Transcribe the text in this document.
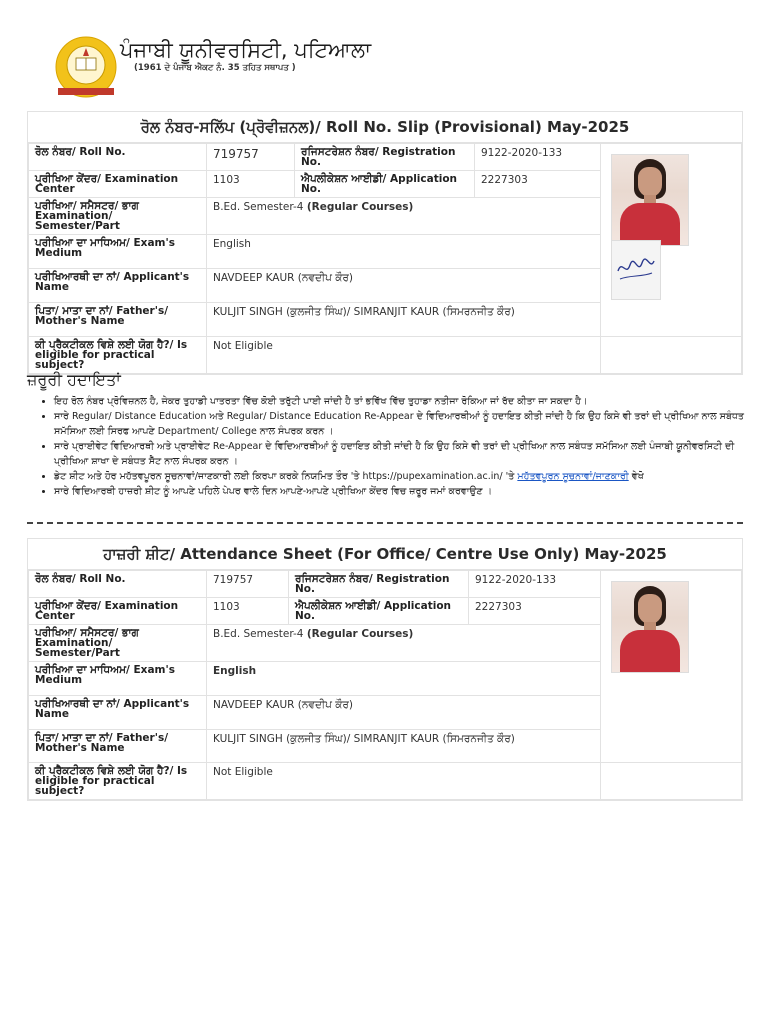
ਪੰਜਾਬੀ ਯੂਨੀਵਰਸਿਟੀ, ਪਟਿਆਲਾ
(1961 ਦੇ ਪੰਜਾਬ ਐਕਟ ਨੰ. 35 ਤਹਿਤ ਸਥਾਪਤ )
ਰੋਲ ਨੰਬਰ-ਸਲਿੱਪ (ਪ੍ਰੋਵੀਜ਼ਨਲ)/ Roll No. Slip (Provisional) May-2025
ਰੋਲ ਨੰਬਰ/ Roll No.	719757	ਰਜਿਸਟਰੇਸ਼ਨ ਨੰਬਰ/ Registration No.	9122-2020-133	

ਪ੍ਰੀਖਿਆ ਕੇਂਦਰ/ Examination Center	1103	ਐਪਲੀਕੇਸ਼ਨ ਆਈਡੀ/ Application No.	2227303	
ਪਰੀਖਿਆ/ ਸਮੈਸਟਰ/ ਭਾਗ Examination/ Semester/Part	B.Ed. Semester-4 (Regular Courses)			
ਪਰੀਖਿਆ ਦਾ ਮਾਧਿਅਮ/ Exam's Medium	English			
ਪਰੀਖਿਆਰਥੀ ਦਾ ਨਾਂ/ Applicant's Name	NAVDEEP KAUR (ਨਵਦੀਪ ਕੌਰ)			
ਪਿਤਾ/ ਮਾਤਾ ਦਾ ਨਾਂ/ Father's/ Mother's Name	KULJIT SINGH (ਕੁਲਜੀਤ ਸਿੰਘ)/ SIMRANJIT KAUR (ਸਿਮਰਨਜੀਤ ਕੌਰ)			
ਕੀ ਪ੍ਰੈਕਟੀਕਲ ਵਿਸ਼ੇ ਲਈ ਯੋਗ ਹੈ?/ Is eligible for practical subject?	Not Eligible			
ਜ਼ਰੂਰੀ ਹਦਾਇਤਾਂ
• ਇਹ ਰੋਲ ਨੰਬਰ ਪ੍ਰੋਵਿਜ਼ਨਲ ਹੈ, ਜੇਕਰ ਤੁਹਾਡੀ ਪਾਤਰਤਾ ਵਿੱਚ ਕੋਈ ਤਰੁੱਟੀ ਪਾਈ ਜਾਂਦੀ ਹੈ ਤਾਂ ਭਵਿੱਖ ਵਿੱਚ ਤੁਹਾਡਾ ਨਤੀਜਾ ਰੋਕਿਆ ਜਾਂ ਰੱਦ ਕੀਤਾ ਜਾ ਸਕਦਾ ਹੈ।
• ਸਾਰੇ Regular/ Distance Education ਅਤੇ Regular/ Distance Education Re-Appear ਦੇ ਵਿਦਿਆਰਥੀਆਂ ਨੂੰ ਹਦਾਇਤ ਕੀਤੀ ਜਾਂਦੀ ਹੈ ਕਿ ਉਹ ਕਿਸੇ ਵੀ ਤਰਾਂ ਦੀ ਪ੍ਰੀਖਿਆ ਨਾਲ ਸਬੰਧਤ ਸਮੱਸਿਆ ਲਈ ਸਿਰਫ ਆਪਣੇ Department/ College ਨਾਲ ਸੰਪਰਕ ਕਰਨ ।
• ਸਾਰੇ ਪ੍ਰਾਈਵੇਟ ਵਿਦਿਆਰਥੀ ਅਤੇ ਪ੍ਰਾਈਵੇਟ Re-Appear ਦੇ ਵਿਦਿਆਰਥੀਆਂ ਨੂੰ ਹਦਾਇਤ ਕੀਤੀ ਜਾਂਦੀ ਹੈ ਕਿ ਉਹ ਕਿਸੇ ਵੀ ਤਰਾਂ ਦੀ ਪ੍ਰੀਖਿਆ ਨਾਲ ਸਬੰਧਤ ਸਮੱਸਿਆ ਲਈ ਪੰਜਾਬੀ ਯੂਨੀਵਰਸਿਟੀ ਦੀ ਪ੍ਰੀਖਿਆ ਸ਼ਾਖਾ ਦੇ ਸਬੰਧਤ ਸੈੱਟ ਨਾਲ ਸੰਪਰਕ ਕਰਨ ।
• ਡੇਟ ਸ਼ੀਟ ਅਤੇ ਹੋਰ ਮਹੱਤਵਪੂਰਨ ਸੂਚਨਾਵਾਂ/ਜਾਣਕਾਰੀ ਲਈ ਕਿਰਪਾ ਕਰਕੇ ਨਿਯਮਿਤ ਤੌਰ 'ਤੇ https://pupexamination.ac.in/ 'ਤੇ ਮਹੱਤਵਪੂਰਨ ਸੂਚਨਾਵਾਂ/ਜਾਣਕਾਰੀ ਵੇਖੋ
• ਸਾਰੇ ਵਿਦਿਆਰਥੀ ਹਾਜ਼ਰੀ ਸ਼ੀਟ ਨੂੰ ਆਪਣੇ ਪਹਿਲੇ ਪੇਪਰ ਵਾਲੇ ਦਿਨ ਆਪਣੇ-ਆਪਣੇ ਪ੍ਰੀਖਿਆ ਕੇਂਦਰ ਵਿਚ ਜ਼ਰੂਰ ਜਮਾਂ ਕਰਵਾਉਣ ।
ਹਾਜ਼ਰੀ ਸ਼ੀਟ/ Attendance Sheet (For Office/ Centre Use Only) May-2025
ਰੋਲ ਨੰਬਰ/ Roll No.	719757	ਰਜਿਸਟਰੇਸ਼ਨ ਨੰਬਰ/ Registration No.	9122-2020-133	

ਪ੍ਰੀਖਿਆ ਕੇਂਦਰ/ Examination Center	1103	ਐਪਲੀਕੇਸ਼ਨ ਆਈਡੀ/ Application No.	2227303	
ਪਰੀਖਿਆ/ ਸਮੈਸਟਰ/ ਭਾਗ Examination/ Semester/Part	B.Ed. Semester-4 (Regular Courses)			
ਪਰੀਖਿਆ ਦਾ ਮਾਧਿਅਮ/ Exam's Medium	English			
ਪਰੀਖਿਆਰਥੀ ਦਾ ਨਾਂ/ Applicant's Name	NAVDEEP KAUR (ਨਵਦੀਪ ਕੌਰ)			
ਪਿਤਾ/ ਮਾਤਾ ਦਾ ਨਾਂ/ Father's/ Mother's Name	KULJIT SINGH (ਕੁਲਜੀਤ ਸਿੰਘ)/ SIMRANJIT KAUR (ਸਿਮਰਨਜੀਤ ਕੌਰ)			
ਕੀ ਪ੍ਰੈਕਟੀਕਲ ਵਿਸ਼ੇ ਲਈ ਯੋਗ ਹੈ?/ Is eligible for practical subject?	Not Eligible			
